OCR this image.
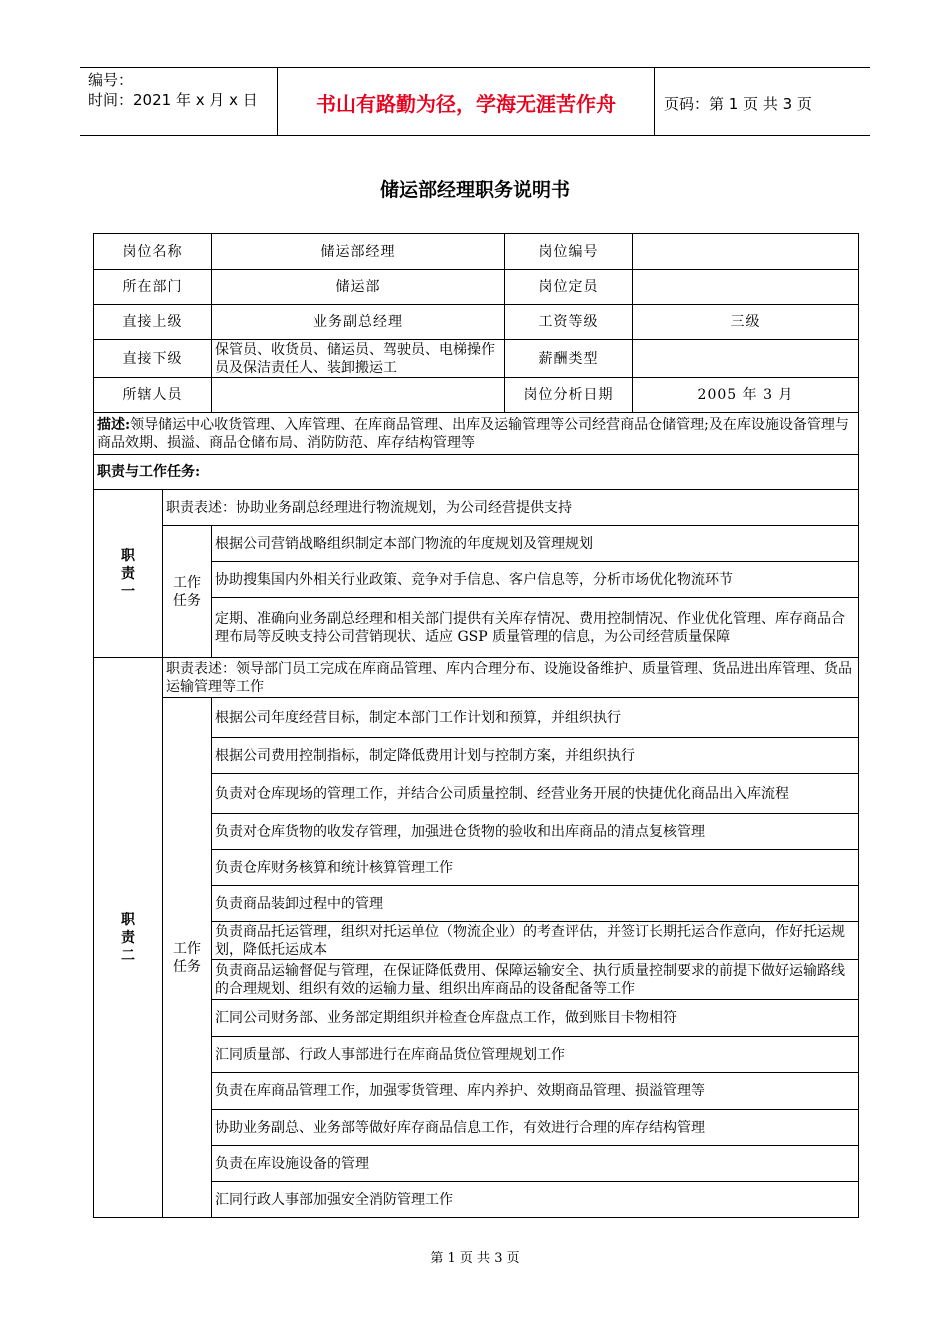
编号：
时间：2021 年 x 月 x 日	书山有路勤为径，学海无涯苦作舟	页码：第 1 页 共 3 页
储运部经理职务说明书
岗位名称		储运部经理	岗位编号	
所在部门		储运部	岗位定员	
直接上级		业务副总经理	工资等级	三级
直接下级		保管员、收货员、储运员、驾驶员、电梯操作员及保洁责任人、装卸搬运工	薪酬类型	
所辖人员			岗位分析日期	2005 年 3 月
描述:领导储运中心收货管理、入库管理、在库商品管理、出库及运输管理等公司经营商品仓储管理;及在库设施设备管理与商品效期、损溢、商品仓储布局、消防防范、库存结构管理等				
职责与工作任务:				

职责一	职责表述：协助业务副总经理进行物流规划，为公司经营提供支持			

	工作任务	根据公司营销战略组织制定本部门物流的年度规划及管理规划		
		协助搜集国内外相关行业政策、竞争对手信息、客户信息等，分析市场优化物流环节		
		定期、准确向业务副总经理和相关部门提供有关库存情况、费用控制情况、作业优化管理、库存商品合理布局等反映支持公司营销现状、适应 GSP 质量管理的信息，为公司经营质量保障		

职责二	职责表述：领导部门员工完成在库商品管理、库内合理分布、设施设备维护、质量管理、货品进出库管理、货品运输管理等工作			

	工作任务	根据公司年度经营目标，制定本部门工作计划和预算，并组织执行		
		根据公司费用控制指标，制定降低费用计划与控制方案，并组织执行		
		负责对仓库现场的管理工作，并结合公司质量控制、经营业务开展的快捷优化商品出入库流程		
		负责对仓库货物的收发存管理，加强进仓货物的验收和出库商品的清点复核管理		
		负责仓库财务核算和统计核算管理工作		
		负责商品装卸过程中的管理		
		负责商品托运管理，组织对托运单位（物流企业）的考查评估，并签订长期托运合作意向，作好托运规划，降低托运成本		
		负责商品运输督促与管理，在保证降低费用、保障运输安全、执行质量控制要求的前提下做好运输路线的合理规划、组织有效的运输力量、组织出库商品的设备配备等工作		
		汇同公司财务部、业务部定期组织并检查仓库盘点工作，做到账目卡物相符		
		汇同质量部、行政人事部进行在库商品货位管理规划工作		
		负责在库商品管理工作，加强零货管理、库内养护、效期商品管理、损溢管理等		
		协助业务副总、业务部等做好库存商品信息工作，有效进行合理的库存结构管理		
		负责在库设施设备的管理		
		汇同行政人事部加强安全消防管理工作		
第 1 页 共 3 页
